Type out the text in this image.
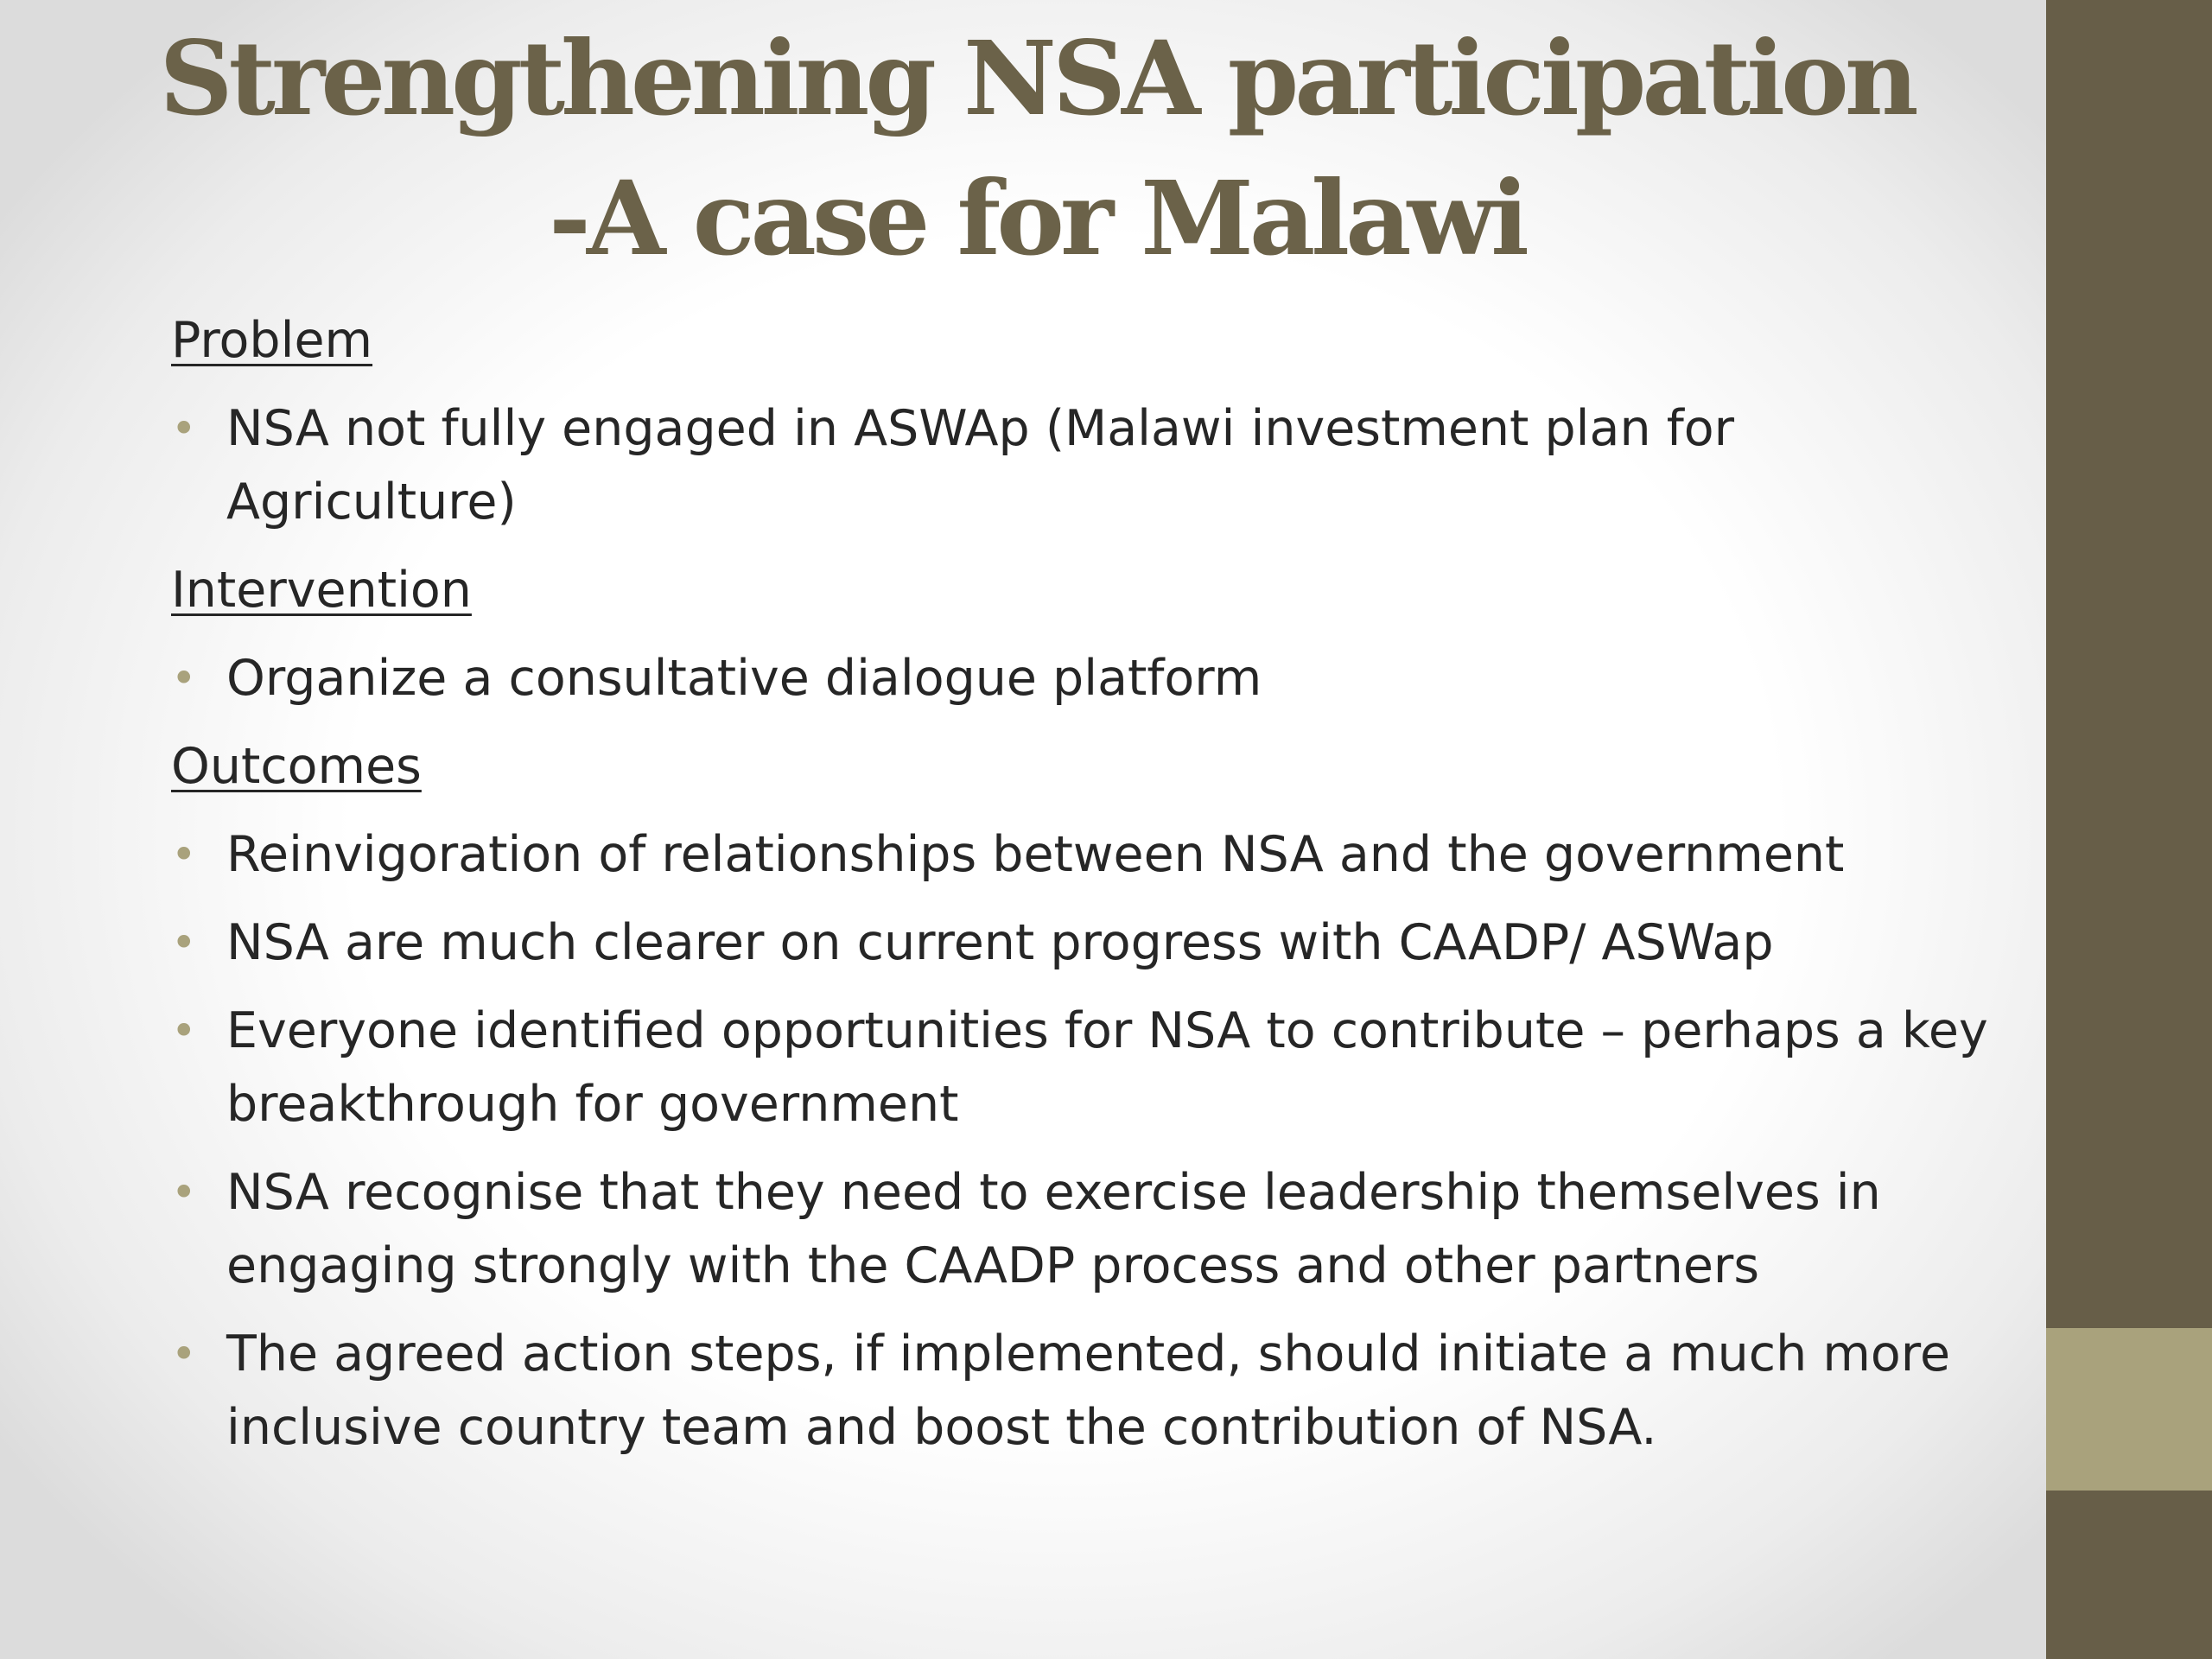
Strengthening NSA participation
-A case for Malawi
Problem
• NSA not fully engaged in ASWAp (Malawi investment plan for Agriculture)
Intervention
• Organize a consultative dialogue platform
Outcomes
• Reinvigoration of relationships between NSA and the government
• NSA are much clearer on current progress with CAADP/ ASWap
• Everyone identified opportunities for NSA to contribute – perhaps a key breakthrough for government
• NSA recognise that they need to exercise leadership themselves in engaging strongly with the CAADP process and other partners
• The agreed action steps, if implemented, should initiate a much more inclusive country team and boost the contribution of NSA.
